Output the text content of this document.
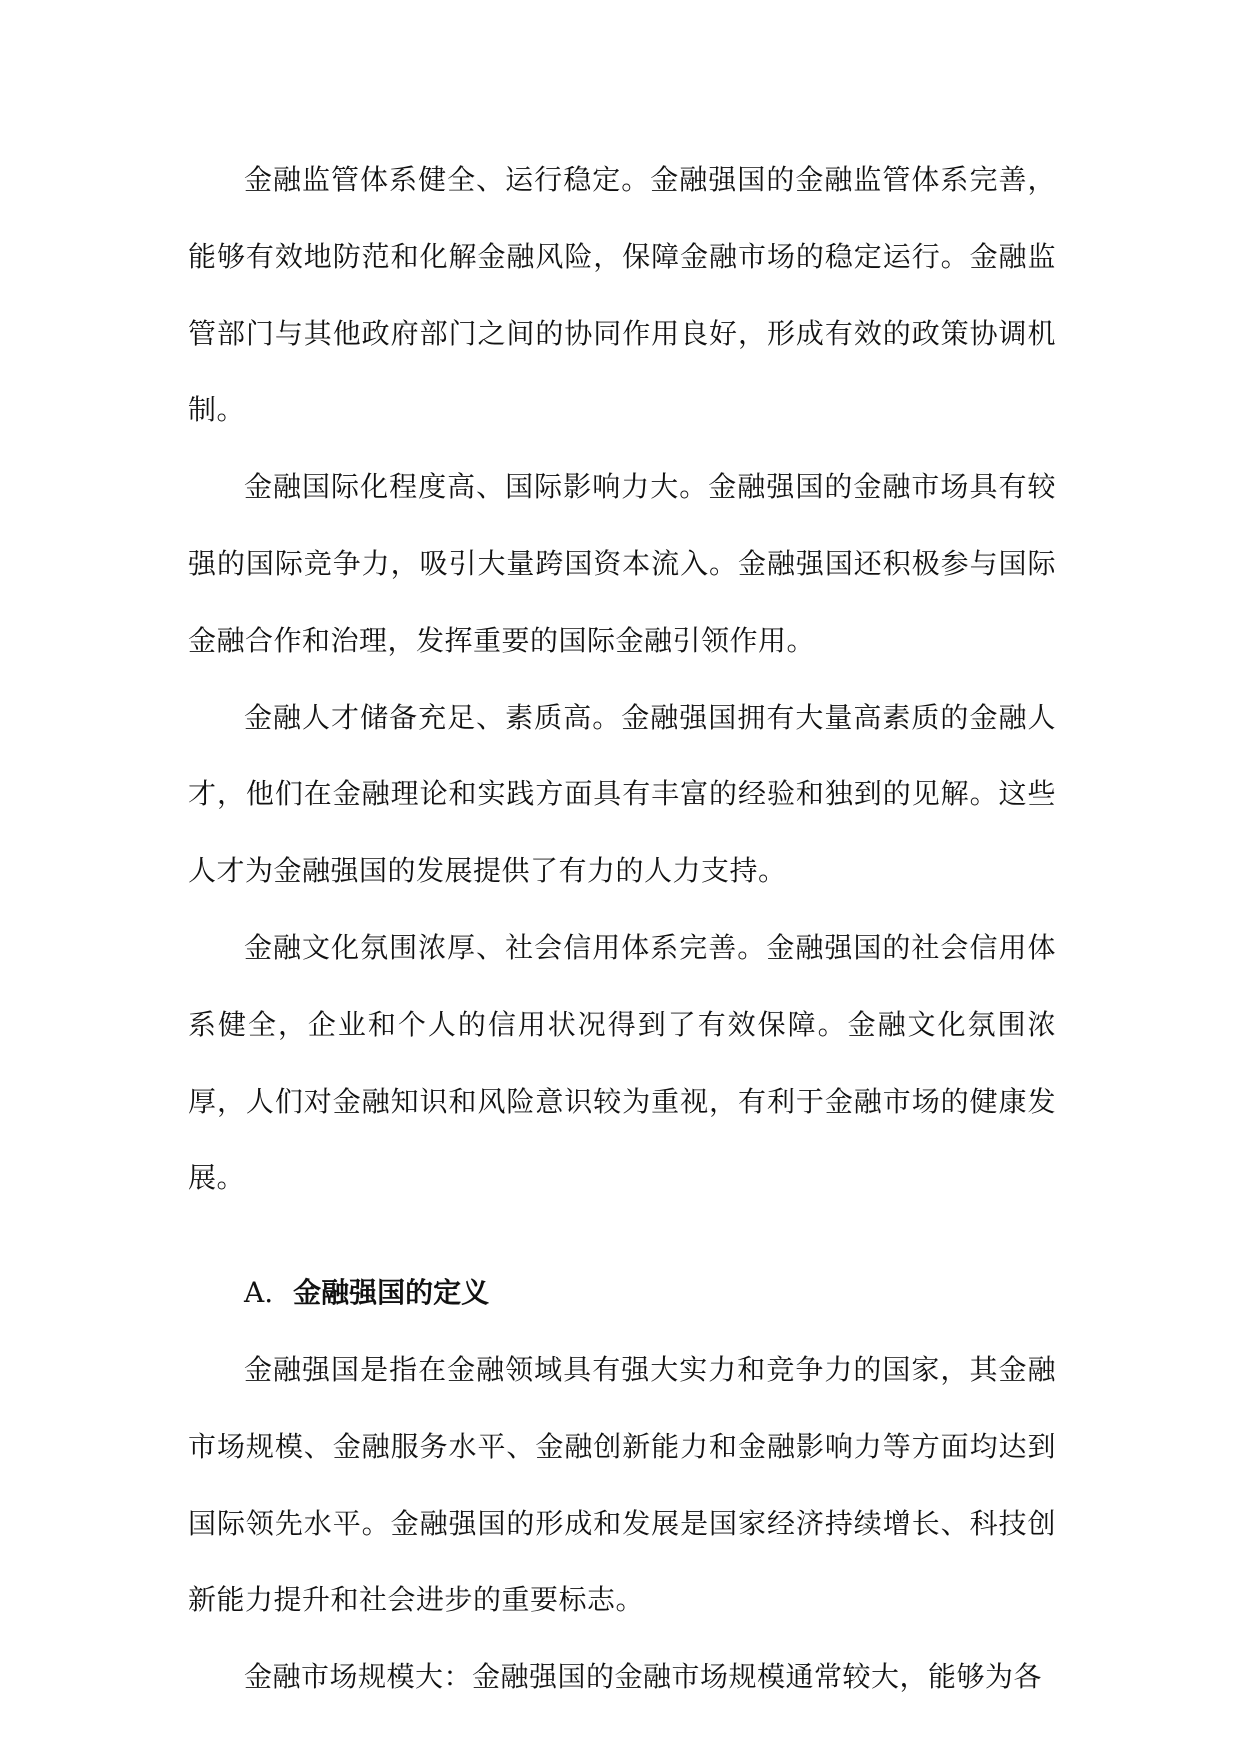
金融监管体系健全、运行稳定。金融强国的金融监管体系完善，能够有效地防范和化解金融风险，保障金融市场的稳定运行。金融监管部门与其他政府部门之间的协同作用良好，形成有效的政策协调机制。

金融国际化程度高、国际影响力大。金融强国的金融市场具有较强的国际竞争力，吸引大量跨国资本流入。金融强国还积极参与国际金融合作和治理，发挥重要的国际金融引领作用。

金融人才储备充足、素质高。金融强国拥有大量高素质的金融人才，他们在金融理论和实践方面具有丰富的经验和独到的见解。这些人才为金融强国的发展提供了有力的人力支持。

金融文化氛围浓厚、社会信用体系完善。金融强国的社会信用体系健全，企业和个人的信用状况得到了有效保障。金融文化氛围浓厚，人们对金融知识和风险意识较为重视，有利于金融市场的健康发展。

A. 金融强国的定义

金融强国是指在金融领域具有强大实力和竞争力的国家，其金融市场规模、金融服务水平、金融创新能力和金融影响力等方面均达到国际领先水平。金融强国的形成和发展是国家经济持续增长、科技创新能力提升和社会进步的重要标志。

金融市场规模大：金融强国的金融市场规模通常较大，能够为各
